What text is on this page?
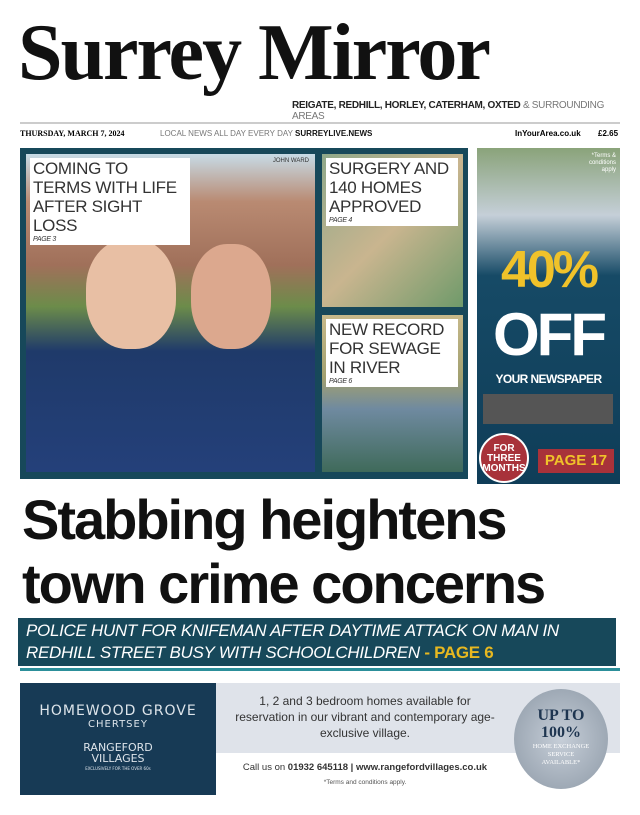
Surrey Mirror
REIGATE, REDHILL, HORLEY, CATERHAM, OXTED & SURROUNDING AREAS
THURSDAY, MARCH 7, 2024	LOCAL NEWS ALL DAY EVERY DAY SURREYLIVE.NEWS	InYourArea.co.uk £2.65
COMING TO TERMS WITH LIFE AFTER SIGHT LOSS
PAGE 3
JOHN WARD SURGERY AND 140 HOMES APPROVED
PAGE 4
NEW RECORD FOR SEWAGE IN RIVER
PAGE 6
*Terms & conditions apply
40%
OFF
YOUR NEWSPAPER
FOR THREE MONTHS	PAGE 17
Stabbing heightens
town crime concerns
POLICE HUNT FOR KNIFEMAN AFTER DAYTIME ATTACK ON MAN IN REDHILL STREET BUSY WITH SCHOOLCHILDREN - PAGE 6
HOMEWOOD GROVE
CHERTSEY
RANGEFORD
VILLAGES
EXCLUSIVELY FOR THE OVER 60s
1, 2 and 3 bedroom homes available for reservation in our vibrant and contemporary age-exclusive village.
Call us on 01932 645118 | www.rangefordvillages.co.uk
*Terms and conditions apply.
UP TO
100%
HOME EXCHANGE SERVICE AVAILABLE*
